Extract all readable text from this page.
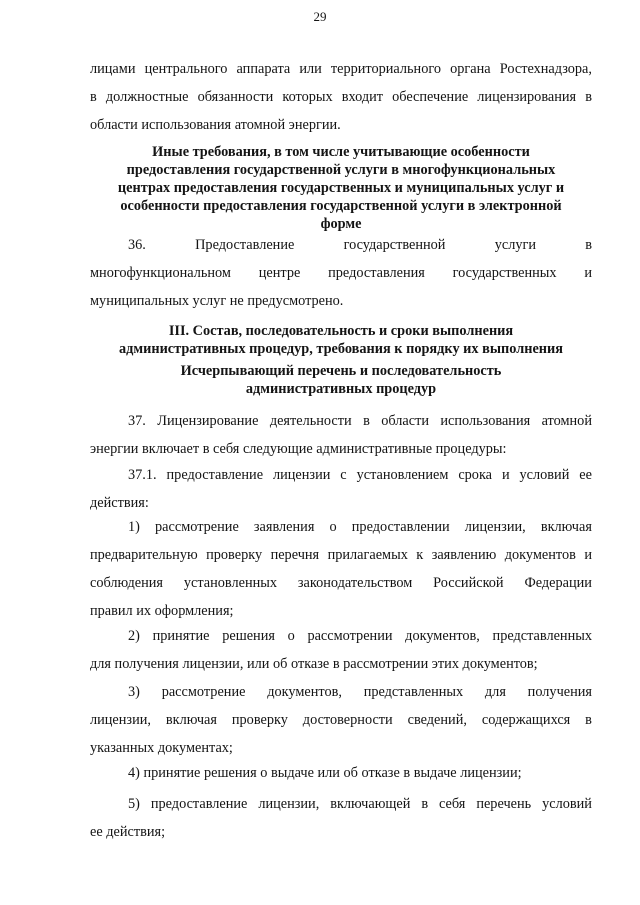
29
лицами центрального аппарата или территориального органа Ростехнадзора,
в должностные обязанности которых входит обеспечение лицензирования в
области использования атомной энергии.
Иные требования, в том числе учитывающие особенности
предоставления государственной услуги в многофункциональных
центрах предоставления государственных и муниципальных услуг и
особенности предоставления государственной услуги в электронной
форме
36.	Предоставление	государственной	услуги	в
многофункциональном центре предоставления государственных и
муниципальных услуг не предусмотрено.
III. Состав, последовательность и сроки выполнения
административных процедур, требования к порядку их выполнения
Исчерпывающий перечень и последовательность
административных процедур
37. Лицензирование деятельности в области использования атомной
энергии включает в себя следующие административные процедуры:
37.1. предоставление лицензии с установлением срока и условий ее
действия:
1) рассмотрение заявления о предоставлении лицензии, включая
предварительную проверку перечня прилагаемых к заявлению документов и
соблюдения установленных законодательством Российской Федерации
правил их оформления;
2) принятие решения о рассмотрении документов, представленных
для получения лицензии, или об отказе в рассмотрении этих документов;
3) рассмотрение документов, представленных для получения
лицензии, включая проверку достоверности сведений, содержащихся в
указанных документах;
4) принятие решения о выдаче или об отказе в выдаче лицензии;
5) предоставление лицензии, включающей в себя перечень условий
ее действия;
